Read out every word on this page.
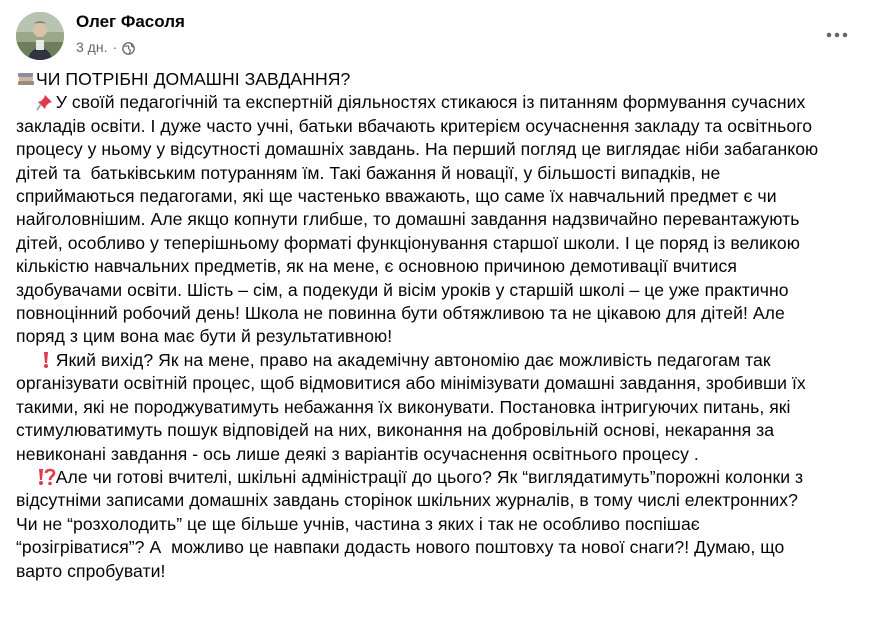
Олег Фасоля
3 дн. ·

ЧИ ПОТРІБНІ ДОМАШНІ ЗАВДАННЯ?

У своїй педагогічній та експертній діяльностях стикаюся із питанням формування сучасних
закладів освіти. І дуже часто учні, батьки вбачають критерієм осучаснення закладу та освітнього
процесу у ньому у відсутності домашніх завдань. На перший погляд це виглядає ніби забаганкою
дітей та  батьківським потуранням їм. Такі бажання й новації, у більшості випадків, не
сприймаються педагогами, які ще частенько вважають, що саме їх навчальний предмет є чи
найголовнішим. Але якщо копнути глибше, то домашні завдання надзвичайно перевантажують
дітей, особливо у теперішньому форматі функціонування старшої школи. І це поряд із великою
кількістю навчальних предметів, як на мене, є основною причиною демотивації вчитися
здобувачами освіти. Шість – сім, а подекуди й вісім уроків у старшій школі – це уже практично
повноцінний робочий день! Школа не повинна бути обтяжливою та не цікавою для дітей! Але
поряд з цим вона має бути й результативною!

Який вихід? Як на мене, право на академічну автономію дає можливість педагогам так
організувати освітній процес, щоб відмовитися або мінімізувати домашні завдання, зробивши їх
такими, які не породжуватимуть небажання їх виконувати. Постановка інтригуючих питань, які
стимулюватимуть пошук відповідей на них, виконання на добровільній основі, некарання за
невиконані завдання - ось лише деякі з варіантів осучаснення освітнього процесу .

Але чи готові вчителі, шкільні адміністрації до цього? Як “виглядатимуть”порожні колонки з
відсутніми записами домашніх завдань сторінок шкільних журналів, в тому числі електронних?
Чи не “розхолодить” це ще більше учнів, частина з яких і так не особливо поспішає
“розігріватися”? А  можливо це навпаки додасть нового поштовху та нової снаги?! Думаю, що
варто спробувати!
